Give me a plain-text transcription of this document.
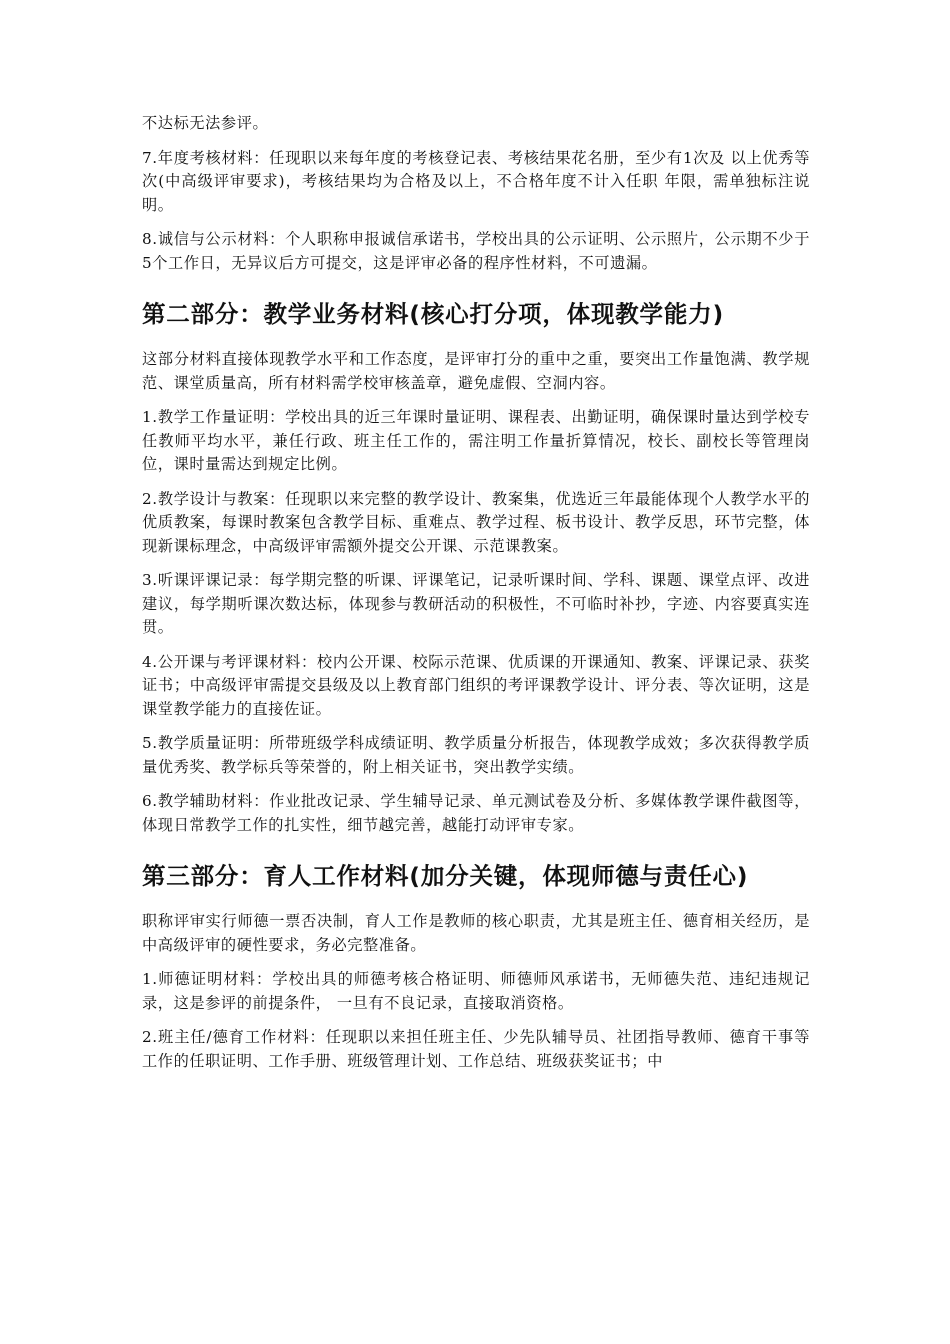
不达标无法参评。

7.年度考核材料：任现职以来每年度的考核登记表、考核结果花名册，至少有1次及 以上优秀等次(中高级评审要求)，考核结果均为合格及以上，不合格年度不计入任职 年限，需单独标注说明。

8.诚信与公示材料：个人职称申报诚信承诺书，学校出具的公示证明、公示照片，公示期不少于5个工作日，无异议后方可提交，这是评审必备的程序性材料，不可遗漏。

第二部分：教学业务材料(核心打分项，体现教学能力)

这部分材料直接体现教学水平和工作态度，是评审打分的重中之重，要突出工作量饱满、教学规范、课堂质量高，所有材料需学校审核盖章，避免虚假、空洞内容。

1.教学工作量证明：学校出具的近三年课时量证明、课程表、出勤证明，确保课时量达到学校专任教师平均水平，兼任行政、班主任工作的，需注明工作量折算情况，校长、副校长等管理岗位，课时量需达到规定比例。

2.教学设计与教案：任现职以来完整的教学设计、教案集，优选近三年最能体现个人教学水平的优质教案，每课时教案包含教学目标、重难点、教学过程、板书设计、教学反思，环节完整，体现新课标理念，中高级评审需额外提交公开课、示范课教案。

3.听课评课记录：每学期完整的听课、评课笔记，记录听课时间、学科、课题、课堂点评、改进建议，每学期听课次数达标，体现参与教研活动的积极性，不可临时补抄，字迹、内容要真实连贯。

4.公开课与考评课材料：校内公开课、校际示范课、优质课的开课通知、教案、评课记录、获奖证书；中高级评审需提交县级及以上教育部门组织的考评课教学设计、评分表、等次证明，这是课堂教学能力的直接佐证。

5.教学质量证明：所带班级学科成绩证明、教学质量分析报告，体现教学成效；多次获得教学质量优秀奖、教学标兵等荣誉的，附上相关证书，突出教学实绩。

6.教学辅助材料：作业批改记录、学生辅导记录、单元测试卷及分析、多媒体教学课件截图等，体现日常教学工作的扎实性，细节越完善，越能打动评审专家。

第三部分：育人工作材料(加分关键，体现师德与责任心)

职称评审实行师德一票否决制，育人工作是教师的核心职责，尤其是班主任、德育相关经历，是中高级评审的硬性要求，务必完整准备。

1.师德证明材料：学校出具的师德考核合格证明、师德师风承诺书，无师德失范、违纪违规记录，这是参评的前提条件， 一旦有不良记录，直接取消资格。

2.班主任/德育工作材料：任现职以来担任班主任、少先队辅导员、社团指导教师、德育干事等工作的任职证明、工作手册、班级管理计划、工作总结、班级获奖证书；中
